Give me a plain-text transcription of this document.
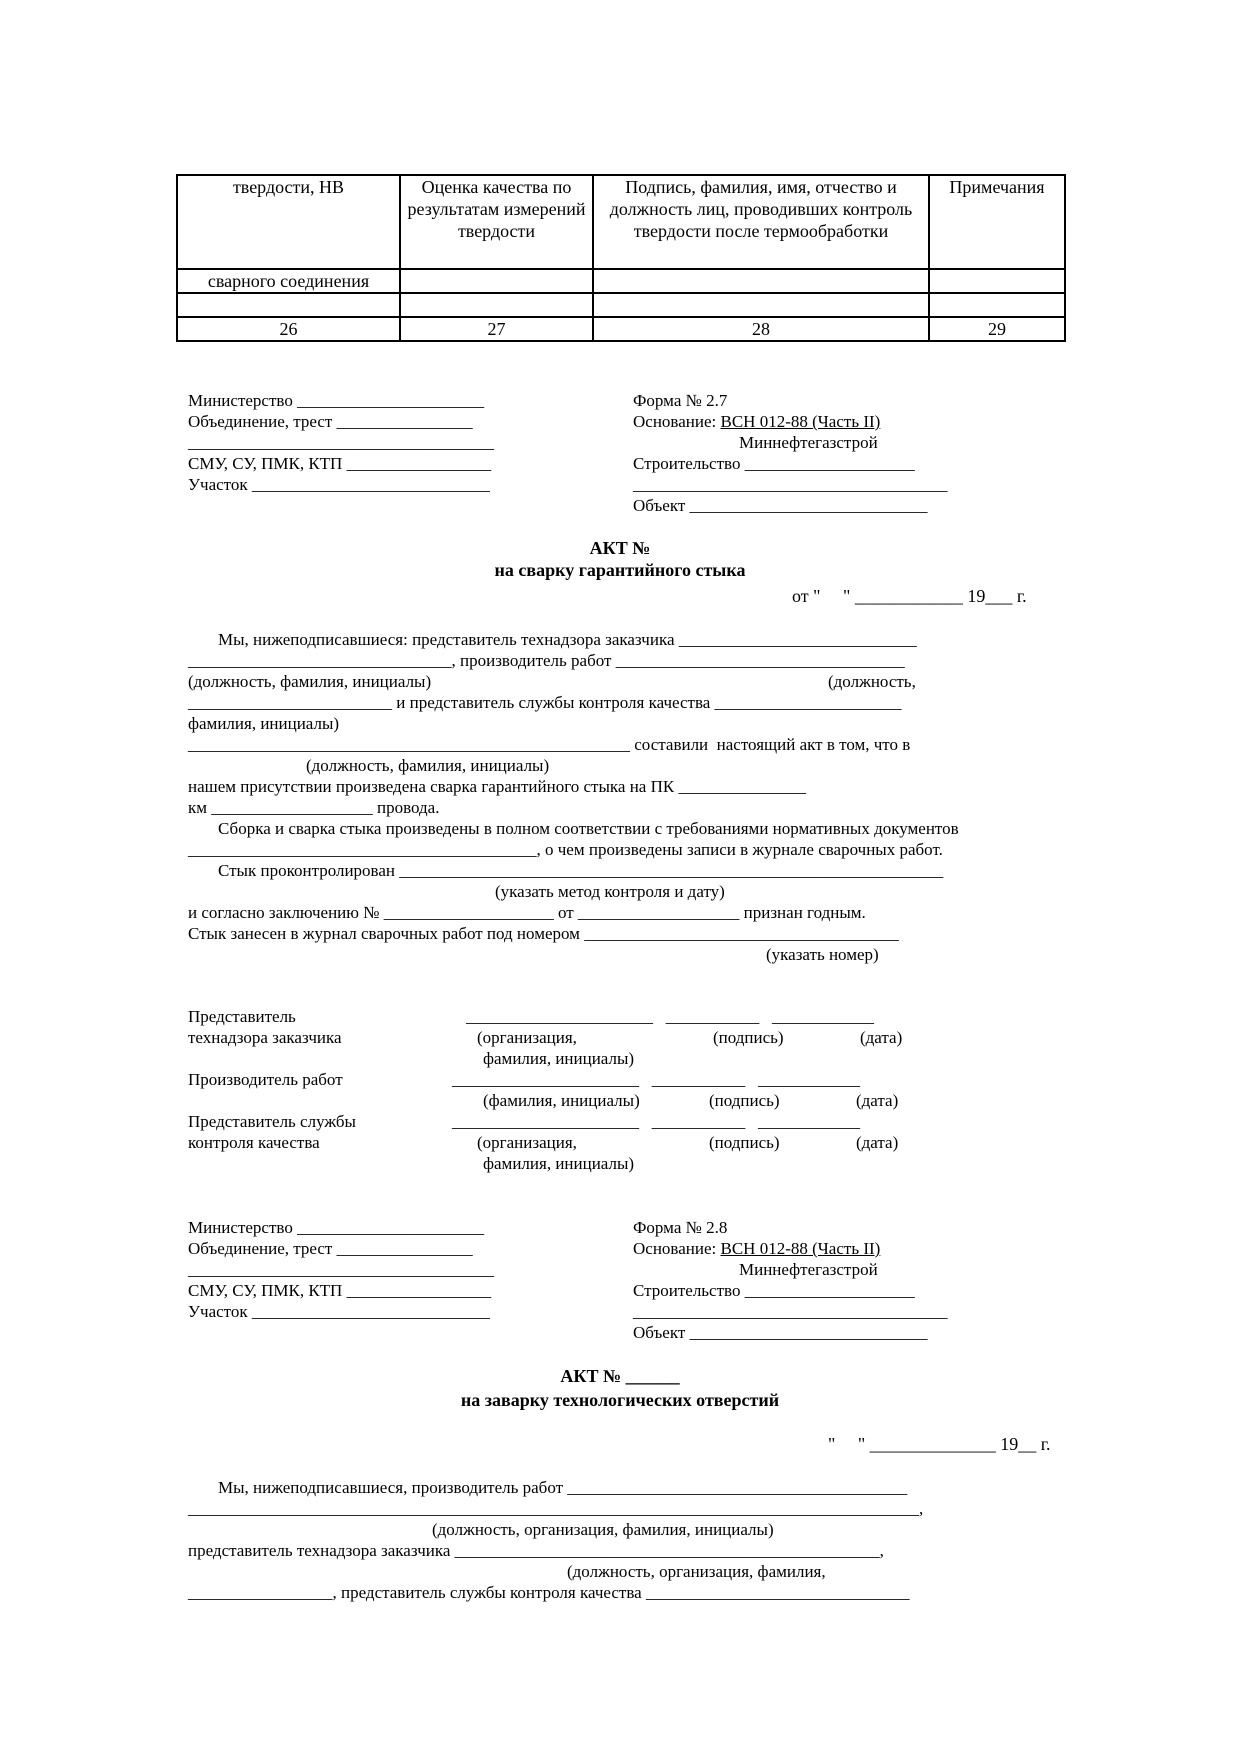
твердости, НВ	Оценка качества по результатам измерений твердости	Подпись, фамилия, имя, отчество и должность лиц, проводивших контроль твердости после термообработки	Примечания
сварного соединения			

26	27	28	29
Министерство ______________________
Объединение, трест ________________
____________________________________
СМУ, СУ, ПМК, КТП _________________
Участок ____________________________
Форма № 2.7
Основание: ВСН 012-88 (Часть II)
Миннефтегазстрой
Строительство ____________________
_____________________________________
Объект ____________________________
АКТ №
на сварку гарантийного стыка
от "     " ____________ 19___ г.
Мы, нижеподписавшиеся: представитель технадзора заказчика ____________________________
_______________________________, производитель работ __________________________________
(должность, фамилия, инициалы)	(должность,
________________________ и представитель службы контроля качества ______________________
фамилия, инициалы)
____________________________________________________ составили  настоящий акт в том, что в
(должность, фамилия, инициалы)
нашем присутствии произведена сварка гарантийного стыка на ПК _______________
км ___________________ провода.
Сборка и сварка стыка произведены в полном соответствии с требованиями нормативных документов
_________________________________________, о чем произведены записи в журнале сварочных работ.
Стык проконтролирован ________________________________________________________________
(указать метод контроля и дату)
и согласно заключению № ____________________ от ___________________ признан годным.
Стык занесен в журнал сварочных работ под номером _____________________________________
(указать номер)
Представитель
технадзора заказчика
______________________   ___________   ____________
(организация,	(подпись)	(дата)
фамилия, инициалы)
Производитель работ	______________________   ___________   ____________
(фамилия, инициалы)	(подпись)	(дата)
Представитель службы
контроля качества
______________________   ___________   ____________
(организация,	(подпись)	(дата)
фамилия, инициалы)
Министерство ______________________
Объединение, трест ________________
____________________________________
СМУ, СУ, ПМК, КТП _________________
Участок ____________________________
Форма № 2.8
Основание: ВСН 012-88 (Часть II)
Миннефтегазстрой
Строительство ____________________
_____________________________________
Объект ____________________________
АКТ № ______
на заварку технологических отверстий
"     " ______________ 19__ г.
Мы, нижеподписавшиеся, производитель работ ________________________________________
______________________________________________________________________________________,
(должность, организация, фамилия, инициалы)
представитель технадзора заказчика __________________________________________________,
(должность, организация, фамилия,
_________________, представитель службы контроля качества _______________________________
